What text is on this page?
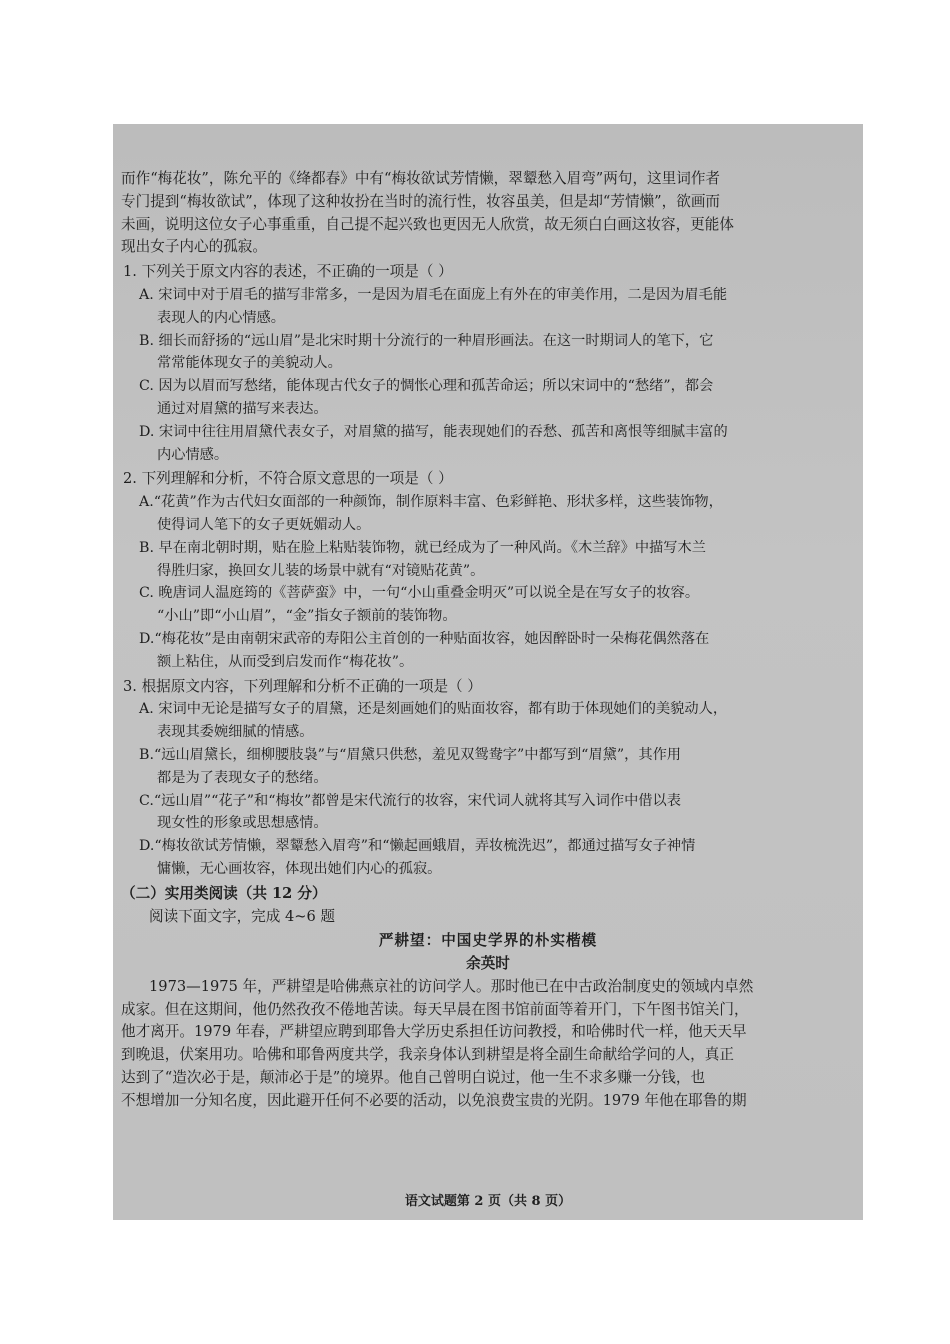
而作“梅花妆”，陈允平的《绛都春》中有“梅妆欲试芳情懒，翠颦愁入眉弯”两句，这里词作者
专门提到“梅妆欲试”，体现了这种妆扮在当时的流行性，妆容虽美，但是却“芳情懒”，欲画而
未画，说明这位女子心事重重，自己提不起兴致也更因无人欣赏，故无须白白画这妆容，更能体
现出女子内心的孤寂。
1. 下列关于原文内容的表述，不正确的一项是（ ）
A. 宋词中对于眉毛的描写非常多，一是因为眉毛在面庞上有外在的审美作用，二是因为眉毛能
表现人的内心情感。
B. 细长而舒扬的“远山眉”是北宋时期十分流行的一种眉形画法。在这一时期词人的笔下，它
常常能体现女子的美貌动人。
C. 因为以眉而写愁绪，能体现古代女子的惆怅心理和孤苦命运；所以宋词中的“愁绪”，都会
通过对眉黛的描写来表达。
D. 宋词中往往用眉黛代表女子，对眉黛的描写，能表现她们的吞愁、孤苦和离恨等细腻丰富的
内心情感。
2. 下列理解和分析，不符合原文意思的一项是（ ）
A.“花黄”作为古代妇女面部的一种颜饰，制作原料丰富、色彩鲜艳、形状多样，这些装饰物，
使得词人笔下的女子更妩媚动人。
B. 早在南北朝时期，贴在脸上粘贴装饰物，就已经成为了一种风尚。《木兰辞》中描写木兰
得胜归家，换回女儿装的场景中就有“对镜贴花黄”。
C. 晚唐词人温庭筠的《菩萨蛮》中，一句“小山重叠金明灭”可以说全是在写女子的妆容。
“小山”即“小山眉”，“金”指女子额前的装饰物。
D.“梅花妆”是由南朝宋武帝的寿阳公主首创的一种贴面妆容，她因醉卧时一朵梅花偶然落在
额上粘住，从而受到启发而作“梅花妆”。
3. 根据原文内容，下列理解和分析不正确的一项是（ ）
A. 宋词中无论是描写女子的眉黛，还是刻画她们的贴面妆容，都有助于体现她们的美貌动人，
表现其委婉细腻的情感。
B.“远山眉黛长，细柳腰肢袅”与“眉黛只供愁，羞见双鸳鸯字”中都写到“眉黛”，其作用
都是为了表现女子的愁绪。
C.“远山眉”“花子”和“梅妆”都曾是宋代流行的妆容，宋代词人就将其写入词作中借以表
现女性的形象或思想感情。
D.“梅妆欲试芳情懒，翠颦愁入眉弯”和“懒起画蛾眉，弄妆梳洗迟”，都通过描写女子神情
慵懒，无心画妆容，体现出她们内心的孤寂。
（二）实用类阅读（共 12 分）
阅读下面文字，完成 4~6 题
严耕望：中国史学界的朴实楷模
余英时
1973—1975 年，严耕望是哈佛燕京社的访问学人。那时他已在中古政治制度史的领域内卓然
成家。但在这期间，他仍然孜孜不倦地苦读。每天早晨在图书馆前面等着开门，下午图书馆关门，
他才离开。1979 年春，严耕望应聘到耶鲁大学历史系担任访问教授，和哈佛时代一样，他天天早
到晚退，伏案用功。哈佛和耶鲁两度共学，我亲身体认到耕望是将全副生命献给学问的人，真正
达到了“造次必于是，颠沛必于是”的境界。他自己曾明白说过，他一生不求多赚一分钱，也
不想增加一分知名度，因此避开任何不必要的活动，以免浪费宝贵的光阴。1979 年他在耶鲁的期
语文试题第 2 页（共 8 页）
